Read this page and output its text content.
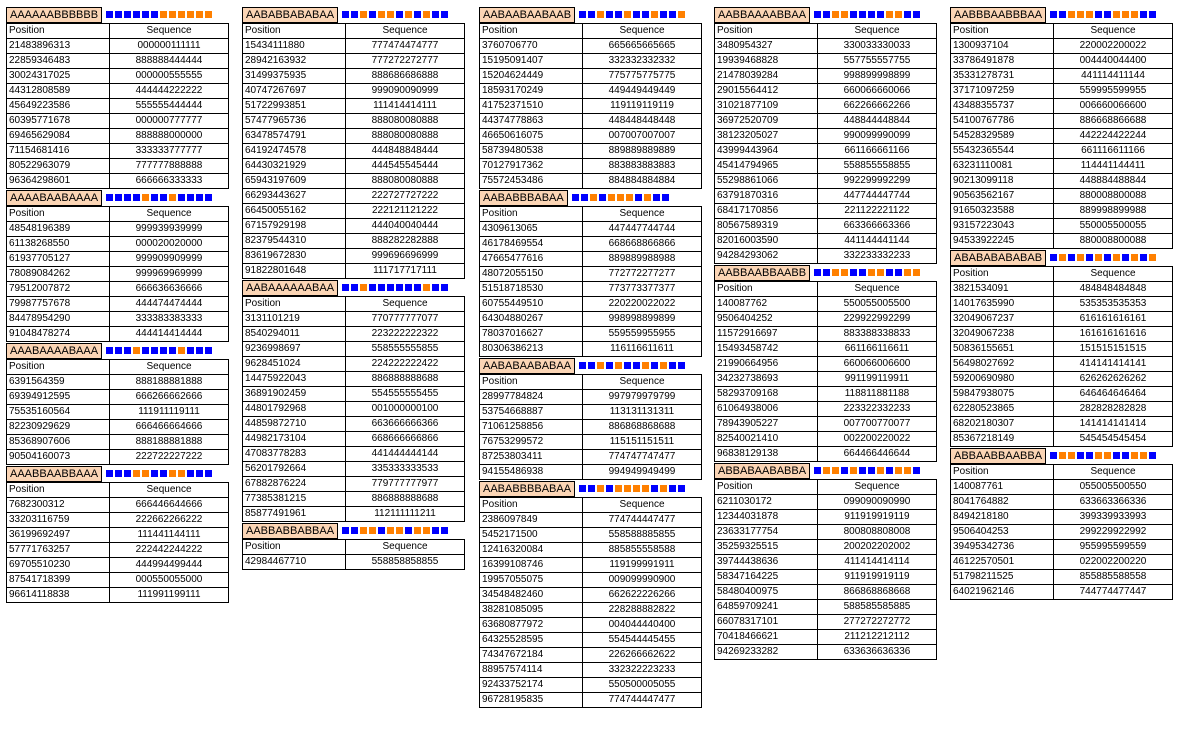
AAAAAABBBBBB
Position	Sequence
21483896313	000000111111
22859346483	888888444444
30024317025	000000555555
44312808589	444444222222
45649223586	555555444444
60395771678	000000777777
69465629084	888888000000
71154681416	333333777777
80522963079	777777888888
96364298601	666666333333
AAAABAABAAAA
Position	Sequence
48548196389	999939939999
61138268550	000020020000
61937705127	999909909999
78089084262	999969969999
79512007872	666636636666
79987757678	444474474444
84478954290	333383383333
91048478274	444414414444
AAABAAAABAAA
Position	Sequence
6391564359	888188881888
69394912595	666266662666
75535160564	111911119111
82230929629	666466664666
85368907606	888188881888
90504160073	222722227222
AAABBAABBAAA
Position	Sequence
7682300312	666446644666
33203116759	222662266222
36199692497	111441144111
57771763257	222442244222
69705510230	444994499444
87541718399	000550055000
96614118838	111991199111
AABABBABABAA
Position	Sequence
15434111880	777474474777
28942163932	777272272777
31499375935	888686686888
40747267697	999090090999
51722993851	111414414111
57477965736	888080080888
63478574791	888080080888
64192474578	444848848444
64430321929	444545545444
65943197609	888080080888
66293443627	222727727222
66450055162	222121121222
67157929198	444040040444
82379544310	888282282888
83619672830	999696696999
91822801648	111717717111
AABAAAAAABAA
Position	Sequence
3131101219	770777777077
8540294011	223222222322
9236998697	558555555855
9628451024	224222222422
14475922043	886888888688
36891902459	554555555455
44801792968	001000000100
44859872710	663666666366
44982173104	668666666866
47083778283	441444444144
56201792664	335333333533
67882876224	779777777977
77385381215	886888888688
85877491961	112111111211
AABBABBABBAA
Position	Sequence
42984467710	558858858855
AABAABAABAAB
Position	Sequence
3760706770	665665665665
15195091407	332332332332
15204624449	775775775775
18593170249	449449449449
41752371510	119119119119
44374778863	448448448448
46650616075	007007007007
58739480538	889889889889
70127917362	883883883883
75572453486	884884884884
AABABBBABAA
Position	Sequence
4309613065	447447744744
46178469554	668668866866
47665477616	889889988988
48072055150	772772277277
51518718530	773773377377
60755449510	220220022022
64304880267	998998899899
78037016627	559559955955
80306386213	116116611611
AABABAABABAA
Position	Sequence
28997784824	997979979799
53754668887	113131131311
71061258856	886868868688
76753299572	115151151511
87253803411	774747747477
94155486938	994949949499
AABABBBBABAA
Position	Sequence
2386097849	774744447477
5452171500	558588885855
12416320084	885855558588
16399108746	119199991911
19957055075	009099990900
34548482460	662622226266
38281085095	228288882822
63680877972	004044440400
64325528595	554544445455
74347672184	226266662622
88957574114	332322223233
92433752174	550500005055
96728195835	774744447477
AABBAAAABBAA
Position	Sequence
3480954327	330033330033
19939468828	557755557755
21478039284	998899998899
29015564412	660066660066
31021877109	662266662266
36972520709	448844448844
38123205027	990099990099
43999443964	661166661166
45414794965	558855558855
55298861066	992299992299
63791870316	447744447744
68417170856	221122221122
80567589319	663366663366
82016003590	441144441144
94284293062	332233332233
AABBAABBAABB
Position	Sequence
140087762	550055005500
9506404252	229922992299
11572916697	883388338833
15493458742	661166116611
21990664956	660066006600
34232738693	991199119911
58293709168	118811881188
61064938006	223322332233
78943905227	007700770077
82540021410	002200220022
96838129138	664466446644
ABBABAABABBA
Position	Sequence
6211030172	099090090990
12344031878	911919919119
23633177754	800808808008
35259325515	200202202002
39744438636	411414414114
58347164225	911919919119
58480400975	866868868668
64859709241	588585585885
66078317101	277272272772
70418466621	211212212112
94269233282	633636636336
AABBBAABBBAA
Position	Sequence
1300937104	220002200022
33786491878	004440044400
35331278731	441114411144
37171097259	559995599955
43488355737	006660066600
54100767786	886668866688
54528329589	442224422244
55432365544	661116611166
63231110081	114441144411
90213099118	448884488844
90563562167	880008800088
91650323588	889998899988
93157223043	550005500055
94533922245	880008800088
ABABABABABAB
Position	Sequence
3821534091	484848484848
14017635990	535353535353
32049067237	616161616161
32049067238	161616161616
50836155651	151515151515
56498027692	414141414141
59200690980	626262626262
59847938075	646464646464
62280523865	282828282828
68202180307	141414141414
85367218149	545454545454
ABBAABBAABBA
Position	Sequence
140087761	055005500550
8041764882	633663366336
8494218180	399339933993
9506404253	299229922992
39495342736	955995599559
46122570501	022002200220
51798211525	855885588558
64021962146	744774477447
